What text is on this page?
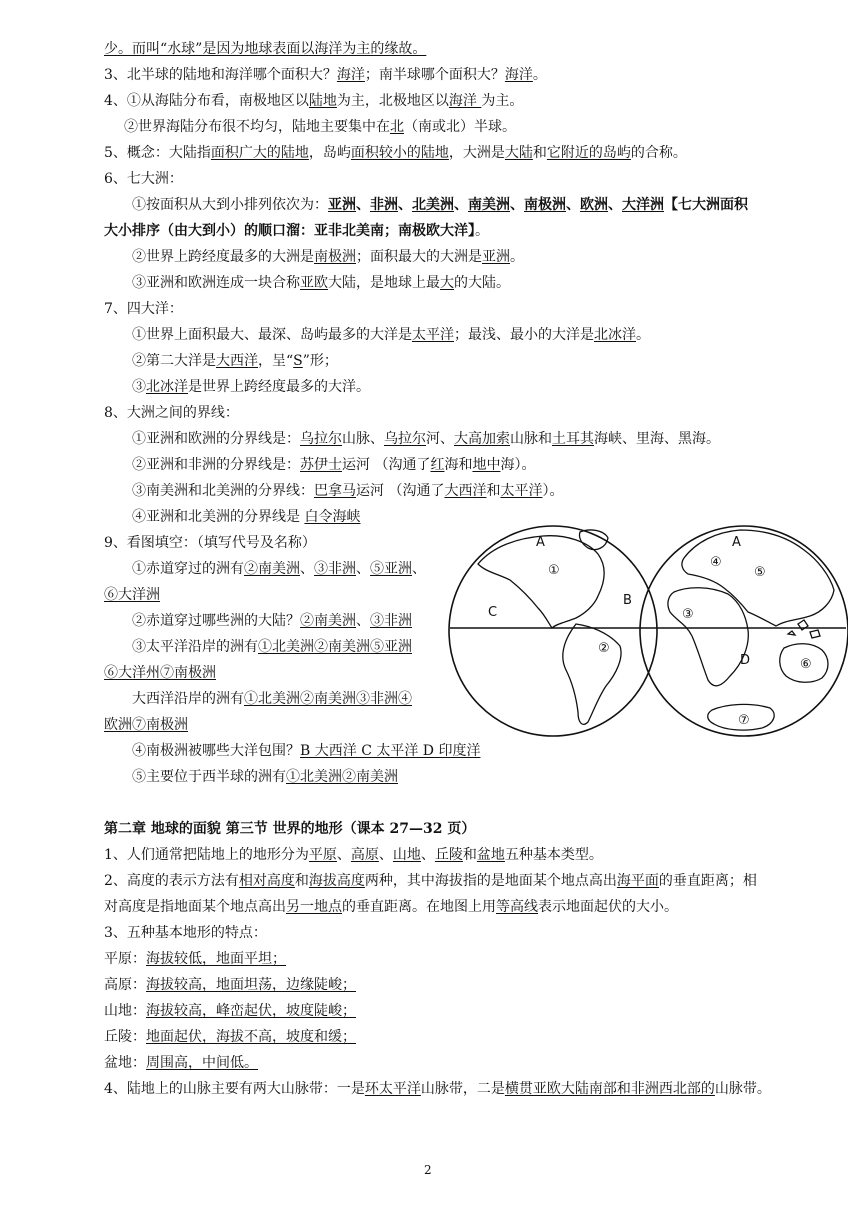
少。而叫“水球”是因为地球表面以海洋为主的缘故。
3、北半球的陆地和海洋哪个面积大？海洋；南半球哪个面积大？海洋。
4、①从海陆分布看，南极地区以陆地为主，北极地区以海洋 为主。
②世界海陆分布很不均匀，陆地主要集中在北（南或北）半球。
5、概念：大陆指面积广大的陆地，岛屿面积较小的陆地，大洲是大陆和它附近的岛屿的合称。
6、七大洲：
①按面积从大到小排列依次为：亚洲、非洲、北美洲、南美洲、南极洲、欧洲、大洋洲【七大洲面积
大小排序（由大到小）的顺口溜：亚非北美南；南极欧大洋】。
②世界上跨经度最多的大洲是南极洲；面积最大的大洲是亚洲。
③亚洲和欧洲连成一块合称亚欧大陆，是地球上最大的大陆。
7、四大洋：
①世界上面积最大、最深、岛屿最多的大洋是太平洋；最浅、最小的大洋是北冰洋。
②第二大洋是大西洋，呈“S”形；
③北冰洋是世界上跨经度最多的大洋。
8、大洲之间的界线：
①亚洲和欧洲的分界线是：乌拉尔山脉、乌拉尔河、大高加索山脉和土耳其海峡、里海、黑海。
②亚洲和非洲的分界线是：苏伊士运河 （沟通了红海和地中海）。
③南美洲和北美洲的分界线：巴拿马运河 （沟通了大西洋和太平洋）。
④亚洲和北美洲的分界线是 白令海峡
9、看图填空：（填写代号及名称）
①赤道穿过的洲有②南美洲、③非洲、⑤亚洲、
⑥大洋洲
②赤道穿过哪些洲的大陆？②南美洲、③非洲
③太平洋沿岸的洲有①北美洲②南美洲⑤亚洲
⑥大洋州⑦南极洲
大西洋沿岸的洲有①北美洲②南美洲③非洲④
欧洲⑦南极洲
④南极洲被哪些大洋包围？B 大西洋 C 太平洋 D 印度洋
⑤主要位于西半球的洲有①北美洲②南美洲
第二章 地球的面貌 第三节 世界的地形（课本 27—32 页）
1、人们通常把陆地上的地形分为平原、高原、山地、丘陵和盆地五种基本类型。
2、高度的表示方法有相对高度和海拔高度两种，其中海拔指的是地面某个地点高出海平面的垂直距离；相
对高度是指地面某个地点高出另一地点的垂直距离。在地图上用等高线表示地面起伏的大小。
3、五种基本地形的特点：
平原：海拔较低，地面平坦；
高原：海拔较高，地面坦荡，边缘陡峻；
山地：海拔较高，峰峦起伏，坡度陡峻；
丘陵：地面起伏，海拔不高，坡度和缓；
盆地：周围高，中间低。
4、陆地上的山脉主要有两大山脉带：一是环太平洋山脉带，二是横贯亚欧大陆南部和非洲西北部的山脉带。
A
B
C
A
D
①
②
③
④
⑤
⑥
⑦
2
